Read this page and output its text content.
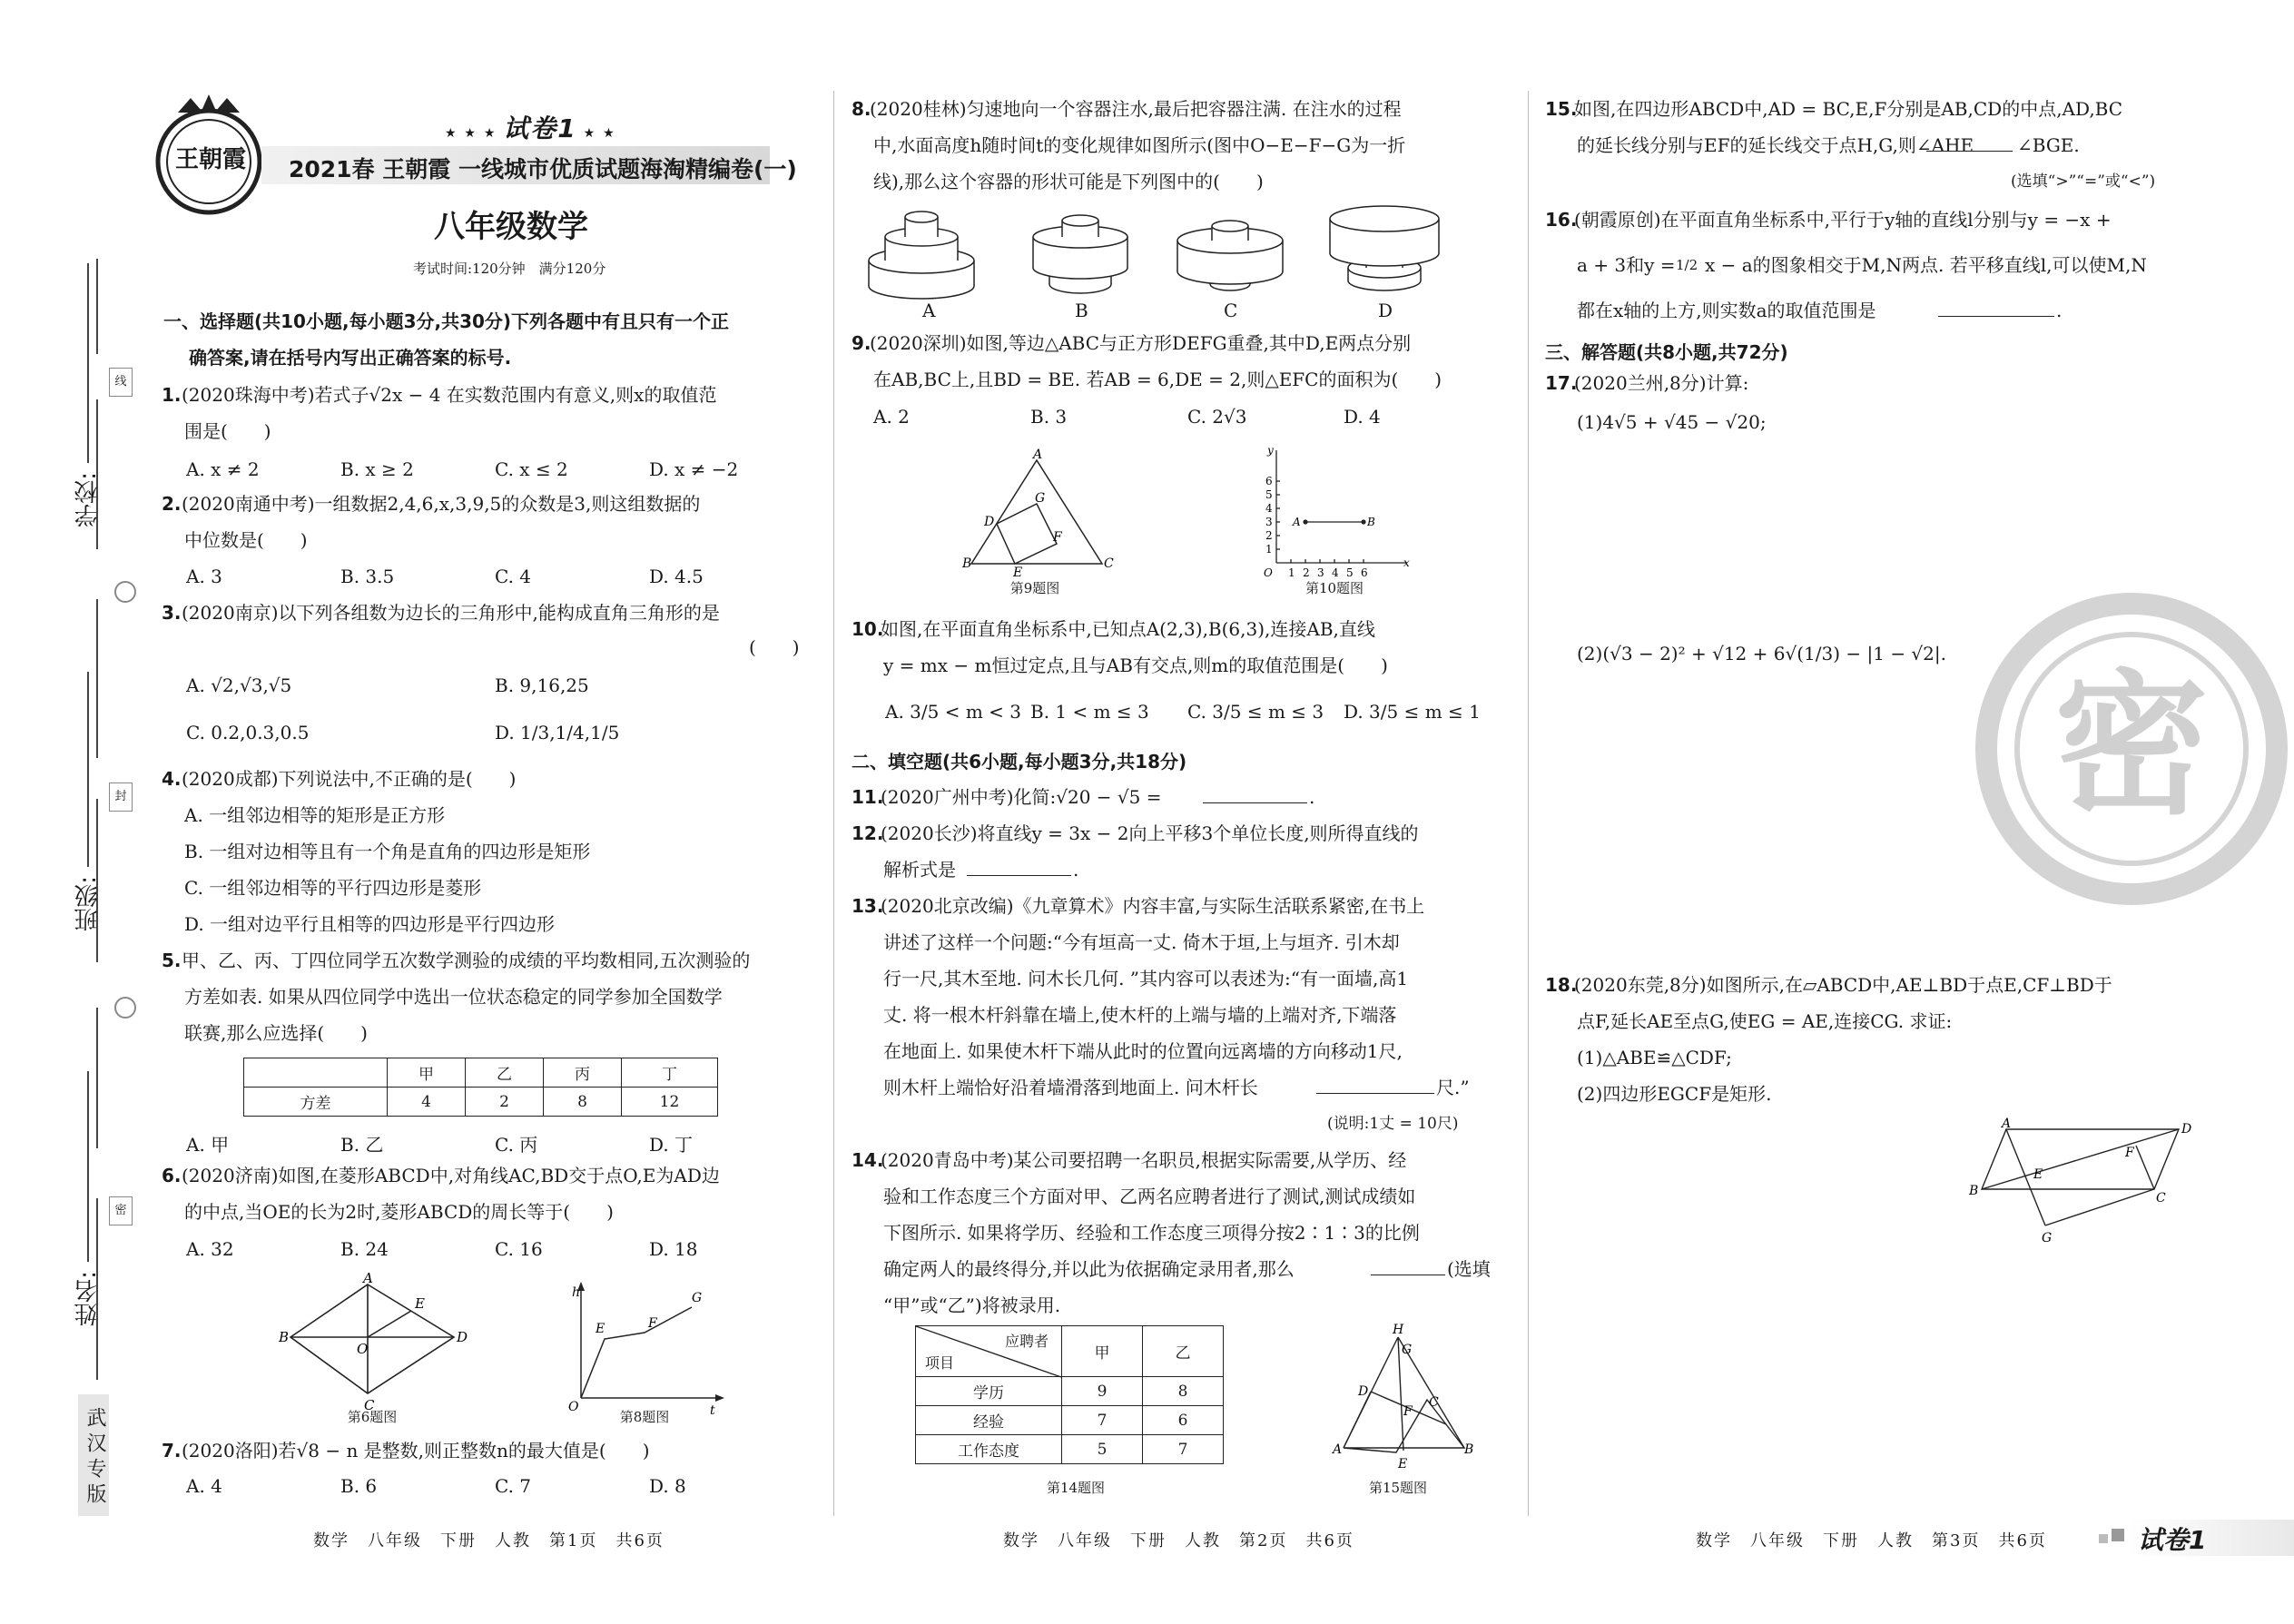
学校:
班级:
姓名:
线
封
密
武汉专版
王朝霞
★ ★ ★ 试卷1 ★ ★
2021春 王朝霞 一线城市优质试题海淘精编卷(一)
八年级数学
考试时间:120分钟　满分120分
一、选择题(共10小题,每小题3分,共30分)下列各题中有且只有一个正
确答案,请在括号内写出正确答案的标号.
1. (2020珠海中考)若式子√2x − 4 在实数范围内有意义,则x的取值范
围是(　　)
A. x ≠ 2	B. x ≥ 2	C. x ≤ 2	D. x ≠ −2
2. (2020南通中考)一组数据2,4,6,x,3,9,5的众数是3,则这组数据的
中位数是(　　)
A. 3	B. 3.5	C. 4	D. 4.5
3. (2020南京)以下列各组数为边长的三角形中,能构成直角三角形的是
(　　)
A. √2,√3,√5	B. 9,16,25
C. 0.2,0.3,0.5	D. 1/3,1/4,1/5
4. (2020成都)下列说法中,不正确的是(　　)
A. 一组邻边相等的矩形是正方形
B. 一组对边相等且有一个角是直角的四边形是矩形
C. 一组邻边相等的平行四边形是菱形
D. 一组对边平行且相等的四边形是平行四边形
5. 甲、乙、丙、丁四位同学五次数学测验的成绩的平均数相同,五次测验的
方差如表. 如果从四位同学中选出一位状态稳定的同学参加全国数学
联赛,那么应选择(　　)
	甲	乙	丙	丁
方差	4	2	8	12
A. 甲	B. 乙	C. 丙	D. 丁
6. (2020济南)如图,在菱形ABCD中,对角线AC,BD交于点O,E为AD边
的中点,当OE的长为2时,菱形ABCD的周长等于(　　)
A. 32	B. 24	C. 16	D. 18
A
B	D
C
E
O
第6题图
h
t
O
E	F
G
第8题图
7. (2020洛阳)若√8 − n 是整数,则正整数n的最大值是(　　)
A. 4	B. 6	C. 7	D. 8
数学　八年级　下册　人教　第1页　共6页
8.
(2020桂林)匀速地向一个容器注水,最后把容器注满. 在注水的过程
中,水面高度h随时间t的变化规律如图所示(图中O−E−F−G为一折
线),那么这个容器的形状可能是下列图中的(　　)
A	B	C	D
9.
(2020深圳)如图,等边△ABC与正方形DEFG重叠,其中D,E两点分别
在AB,BC上,且BD = BE. 若AB = 6,DE = 2,则△EFC的面积为(　　)
A. 2	B. 3	C. 2√3	D. 4
A
B	C
D
E
F
G
第9题图
1
2
3
4
5
6
y
O 1 2 3 4 5 6
x
A	B
第10题图
10.
如图,在平面直角坐标系中,已知点A(2,3),B(6,3),连接AB,直线
y = mx − m恒过定点,且与AB有交点,则m的取值范围是(　　)
A. 3/5 < m < 3 B. 1 < m ≤ 3 C. 3/5 ≤ m ≤ 3 D. 3/5 ≤ m ≤ 1
二、填空题(共6小题,每小题3分,共18分)
11.
(2020广州中考)化简:√20 − √5 =	.
12.
(2020长沙)将直线y = 3x − 2向上平移3个单位长度,则所得直线的
解析式是	.
13.
(2020北京改编)《九章算术》内容丰富,与实际生活联系紧密,在书上
讲述了这样一个问题:“今有垣高一丈. 倚木于垣,上与垣齐. 引木却
行一尺,其木至地. 问木长几何. ”其内容可以表述为:“有一面墙,高1
丈. 将一根木杆斜靠在墙上,使木杆的上端与墙的上端对齐,下端落
在地面上. 如果使木杆下端从此时的位置向远离墙的方向移动1尺,
则木杆上端恰好沿着墙滑落到地面上. 问木杆长	尺.”
(说明:1丈 = 10尺)
14.
(2020青岛中考)某公司要招聘一名职员,根据实际需要,从学历、经
验和工作态度三个方面对甲、乙两名应聘者进行了测试,测试成绩如
下图所示. 如果将学历、经验和工作态度三项得分按2∶1∶3的比例
确定两人的最终得分,并以此为依据确定录用者,那么	(选填
“甲”或“乙”)将被录用.
应聘者
项目	甲	乙
学历	9	8
经验	7	6
工作态度	5	7
第14题图
H
G
D
F
C
A
E
B
第15题图
数学　八年级　下册　人教　第2页　共6页
密
15.
如图,在四边形ABCD中,AD = BC,E,F分别是AB,CD的中点,AD,BC
的延长线分别与EF的延长线交于点H,G,则∠AHE ∠BGE.
(选填“>”“=”或“<”)
16.
(朝霞原创)在平面直角坐标系中,平行于y轴的直线l分别与y = −x +
a + 3和y = 1/2 x − a的图象相交于M,N两点. 若平移直线l,可以使M,N
都在x轴的上方,则实数a的取值范围是	.
三、解答题(共8小题,共72分)
17.
(2020兰州,8分)计算:
(1)4√5 + √45 − √20;
(2)(√3 − 2)² + √12 + 6√(1/3) − |1 − √2|.
18.
(2020东莞,8分)如图所示,在▱ABCD中,AE⊥BD于点E,CF⊥BD于
点F,延长AE至点G,使EG = AE,连接CG. 求证:
(1)△ABE≌△CDF;
(2)四边形EGCF是矩形.
A	D
B	C
E
F
G
数学　八年级　下册　人教　第3页　共6页	试卷1
